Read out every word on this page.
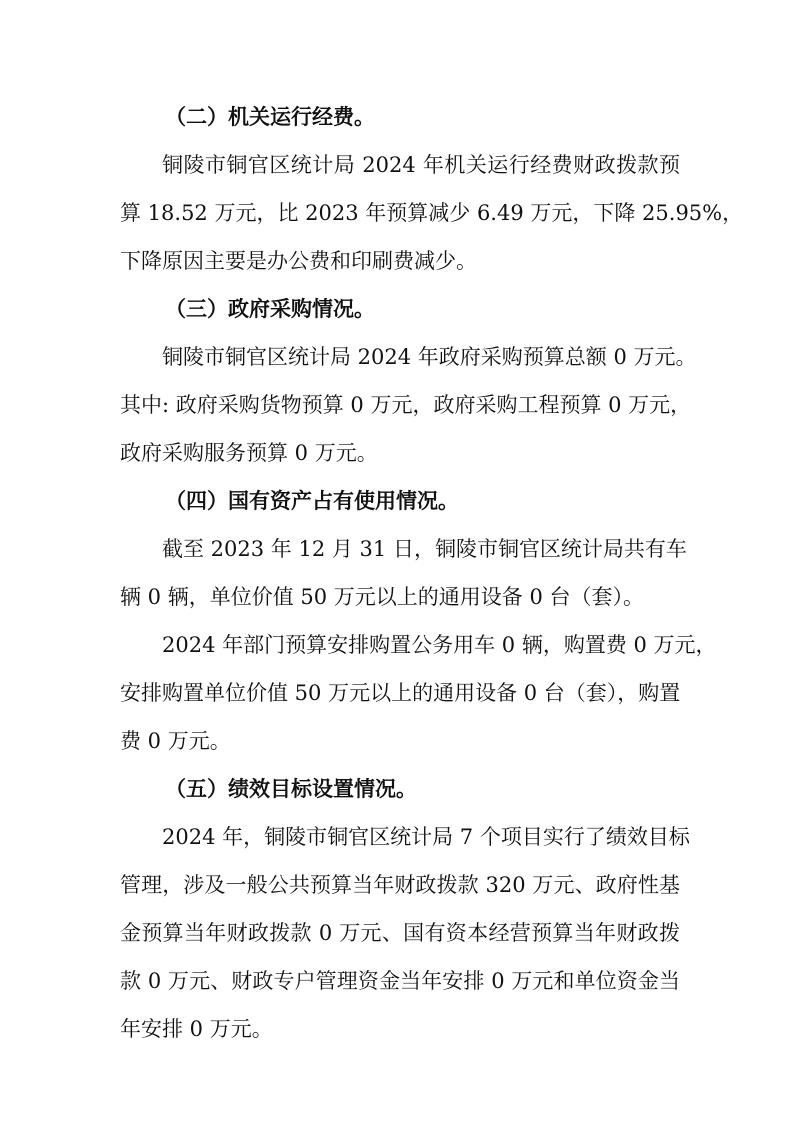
（二）机关运行经费。
铜陵市铜官区统计局 2024 年机关运行经费财政拨款预
算 18.52 万元，比 2023 年预算减少 6.49 万元，下降 25.95%，
下降原因主要是办公费和印刷费减少。
（三）政府采购情况。
铜陵市铜官区统计局 2024 年政府采购预算总额 0 万元。
其中: 政府采购货物预算 0 万元，政府采购工程预算 0 万元，
政府采购服务预算 0 万元。
（四）国有资产占有使用情况。
截至 2023 年 12 月 31 日，铜陵市铜官区统计局共有车
辆 0 辆，单位价值 50 万元以上的通用设备 0 台（套）。
2024 年部门预算安排购置公务用车 0 辆，购置费 0 万元，
安排购置单位价值 50 万元以上的通用设备 0 台（套），购置
费 0 万元。
（五）绩效目标设置情况。
2024 年，铜陵市铜官区统计局 7 个项目实行了绩效目标
管理，涉及一般公共预算当年财政拨款 320 万元、政府性基
金预算当年财政拨款 0 万元、国有资本经营预算当年财政拨
款 0 万元、财政专户管理资金当年安排 0 万元和单位资金当
年安排 0 万元。
